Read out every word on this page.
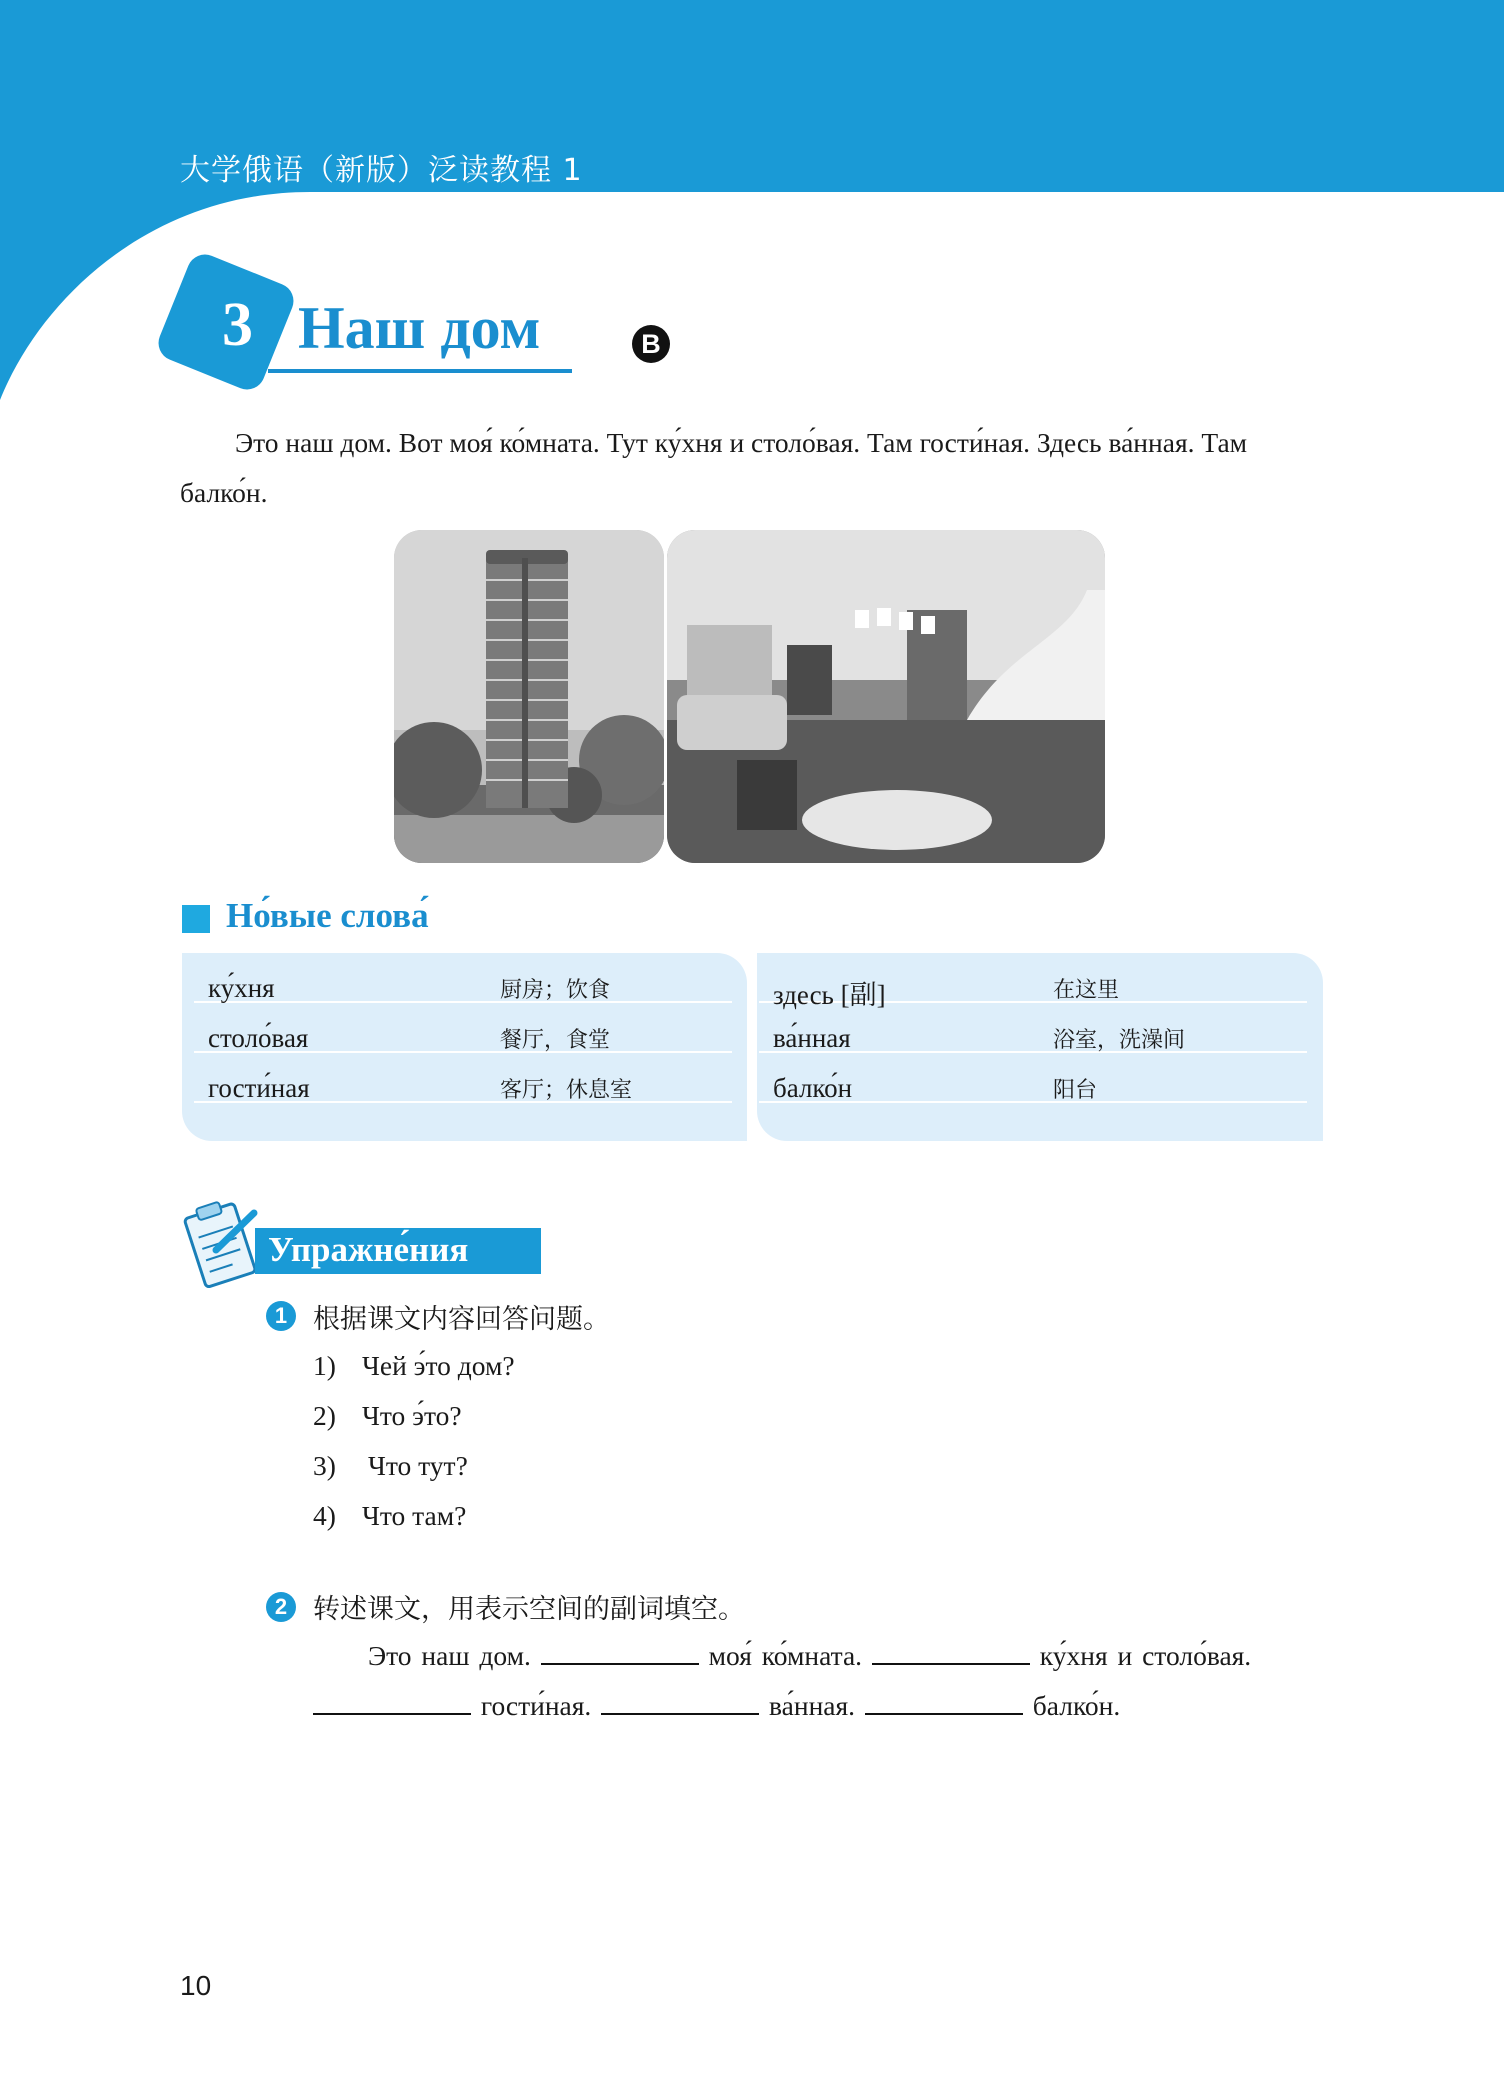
大学俄语（新版）泛读教程 1
3 Наш дом	B
Это наш дом. Вот моя́ ко́мната. Тут ку́хня и столо́вая. Там гости́ная. Здесь ва́нная. Там балко́н.
Но́вые слова́
ку́хня	厨房；饮食
столо́вая	餐厅，食堂
гости́ная	客厅；休息室
здесь [副]	在这里
ва́нная	浴室，洗澡间
балко́н	阳台
Упражне́ния
1 根据课文内容回答问题。
1) Чей э́то дом?
2) Что э́то?
3) Что тут?
4) Что там?
2 转述课文，用表示空间的副词填空。
Это наш дом.	моя́ ко́мната.	ку́хня и столо́вая.
гости́ная.	ва́нная.	балко́н.
10
